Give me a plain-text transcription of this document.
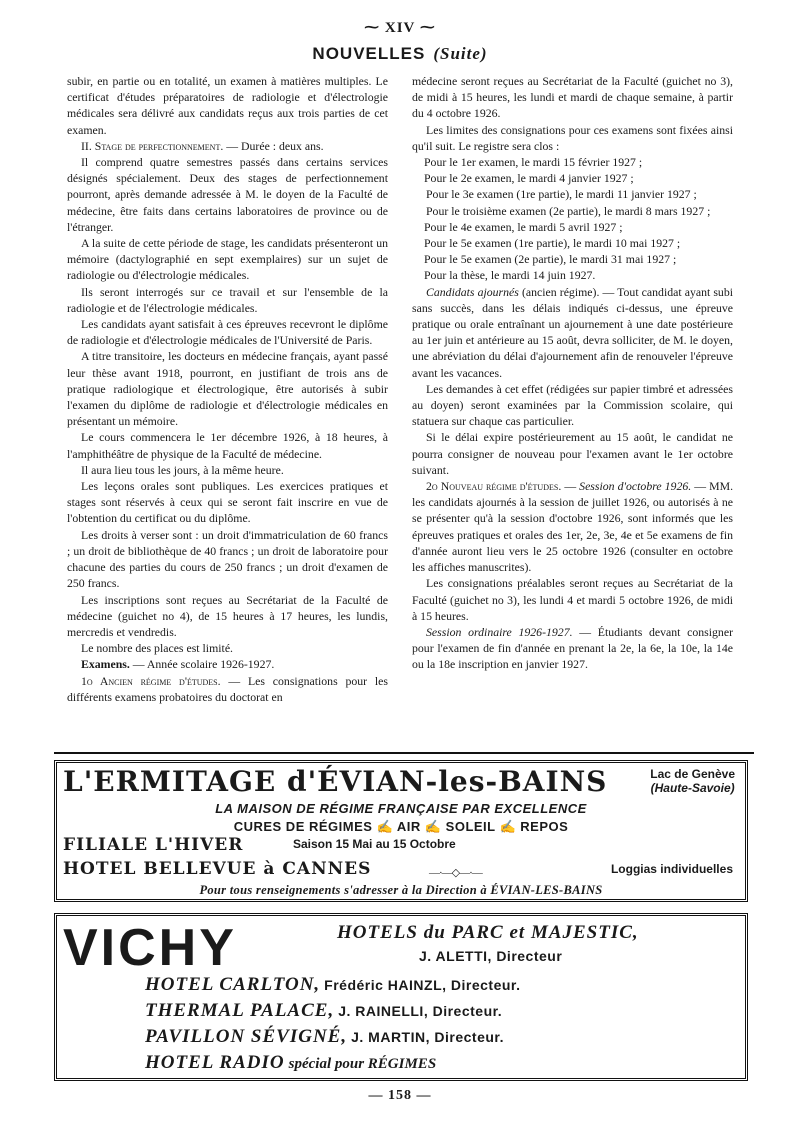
⁓ XIV ⁓
NOUVELLES (Suite)

subir, en partie ou en totalité, un examen à matières multiples. Le certificat d'études préparatoires de radiologie et d'électrologie médicales sera délivré aux candidats reçus aux trois parties de cet examen.

II. Stage de perfectionnement. — Durée : deux ans.

Il comprend quatre semestres passés dans certains services désignés spécialement. Deux des stages de perfectionnement pourront, après demande adressée à M. le doyen de la Faculté de médecine, être faits dans certains laboratoires de province ou de l'étranger.

A la suite de cette période de stage, les candidats présenteront un mémoire (dactylographié en sept exemplaires) sur un sujet de radiologie ou d'électrologie médicales.

Ils seront interrogés sur ce travail et sur l'ensemble de la radiologie et de l'électrologie médicales.

Les candidats ayant satisfait à ces épreuves recevront le diplôme de radiologie et d'électrologie médicales de l'Université de Paris.

A titre transitoire, les docteurs en médecine français, ayant passé leur thèse avant 1918, pourront, en justifiant de trois ans de pratique radiologique et électrologique, être autorisés à subir l'examen du diplôme de radiologie et d'électrologie médicales en présentant un mémoire.

Le cours commencera le 1er décembre 1926, à 18 heures, à l'amphithéâtre de physique de la Faculté de médecine.

Il aura lieu tous les jours, à la même heure.

Les leçons orales sont publiques. Les exercices pratiques et stages sont réservés à ceux qui se seront fait inscrire en vue de l'obtention du certificat ou du diplôme.

Les droits à verser sont : un droit d'immatriculation de 60 francs ; un droit de bibliothèque de 40 francs ; un droit de laboratoire pour chacune des parties du cours de 250 francs ; un droit d'examen de 250 francs.

Les inscriptions sont reçues au Secrétariat de la Faculté de médecine (guichet no 4), de 15 heures à 17 heures, les lundis, mercredis et vendredis.

Le nombre des places est limité.

Examens. — Année scolaire 1926-1927.

1o Ancien régime d'études. — Les consignations pour les différents examens probatoires du doctorat en

médecine seront reçues au Secrétariat de la Faculté (guichet no 3), de midi à 15 heures, les lundi et mardi de chaque semaine, à partir du 4 octobre 1926.

Les limites des consignations pour ces examens sont fixées ainsi qu'il suit. Le registre sera clos :

Pour le 1er examen, le mardi 15 février 1927 ;

Pour le 2e examen, le mardi 4 janvier 1927 ;

Pour le 3e examen (1re partie), le mardi 11 janvier 1927 ;

Pour le troisième examen (2e partie), le mardi 8 mars 1927 ;

Pour le 4e examen, le mardi 5 avril 1927 ;

Pour le 5e examen (1re partie), le mardi 10 mai 1927 ;

Pour le 5e examen (2e partie), le mardi 31 mai 1927 ;

Pour la thèse, le mardi 14 juin 1927.

Candidats ajournés (ancien régime). — Tout candidat ayant subi sans succès, dans les délais indiqués ci-dessus, une épreuve pratique ou orale entraînant un ajournement à une date postérieure au 1er juin et antérieure au 15 août, devra solliciter, de M. le doyen, une abréviation du délai d'ajournement afin de renouveler l'épreuve avant les vacances.

Les demandes à cet effet (rédigées sur papier timbré et adressées au doyen) seront examinées par la Commission scolaire, qui statuera sur chaque cas particulier.

Si le délai expire postérieurement au 15 août, le candidat ne pourra consigner de nouveau pour l'examen avant le 1er octobre suivant.

2o Nouveau régime d'études. — Session d'octobre 1926. — MM. les candidats ajournés à la session de juillet 1926, ou autorisés à ne se présenter qu'à la session d'octobre 1926, sont informés que les épreuves pratiques et orales des 1er, 2e, 3e, 4e et 5e examens de fin d'année auront lieu vers le 25 octobre 1926 (consulter en octobre les affiches manuscrites).

Les consignations préalables seront reçues au Secrétariat de la Faculté (guichet no 3), les lundi 4 et mardi 5 octobre 1926, de midi à 15 heures.

Session ordinaire 1926-1927. — Étudiants devant consigner pour l'examen de fin d'année en prenant la 2e, la 6e, la 10e, la 14e ou la 18e inscription en janvier 1927.

L'ERMITAGE d'ÉVIAN-les-BAINS	Lac de Genève
(Haute-Savoie)
LA MAISON DE RÉGIME FRANÇAISE PAR EXCELLENCE
CURES DE RÉGIMES ✍ AIR ✍ SOLEIL ✍ REPOS
FILIALE L'HIVER	Saison 15 Mai au 15 Octobre
HOTEL BELLEVUE à CANNES	—·—◇—·—	Loggias individuelles
Pour tous renseignements s'adresser à la Direction à ÉVIAN-LES-BAINS
VICHY	HOTELS du PARC et MAJESTIC,
J. ALETTI, Directeur
HOTEL CARLTON, Frédéric HAINZL, Directeur.
THERMAL PALACE, J. RAINELLI, Directeur.
PAVILLON SÉVIGNÉ, J. MARTIN, Directeur.
HOTEL RADIO spécial pour RÉGIMES
— 158 —
